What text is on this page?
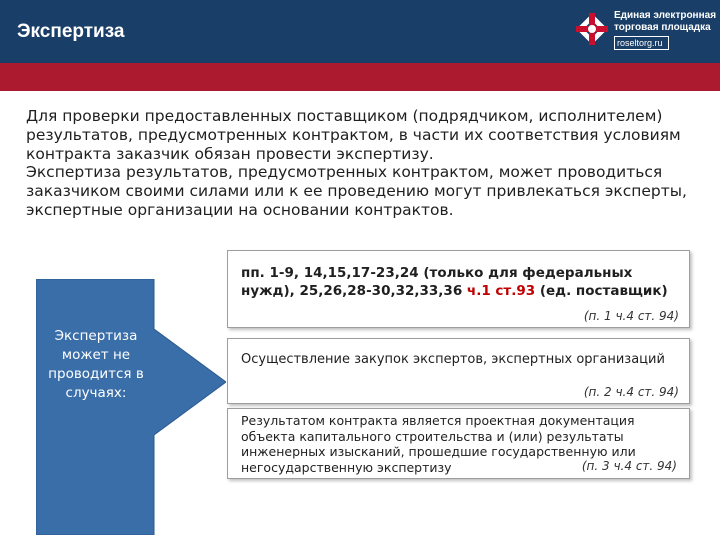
Экспертиза
Единая электронная
торговая площадка
roseltorg.ru

Для проверки предоставленных поставщиком (подрядчиком, исполнителем) результатов, предусмотренных контрактом, в части их соответствия условиям контракта заказчик обязан провести экспертизу.

Экспертиза результатов, предусмотренных контрактом, может проводиться заказчиком своими силами или к ее проведению могут привлекаться эксперты, экспертные организации на основании контрактов.

Экспертиза может не проводится в случаях:
пп. 1-9, 14,15,17-23,24 (только для федеральных нужд), 25,26,28-30,32,33,36 ч.1 ст.93 (ед. поставщик)
(п. 1 ч.4 ст. 94)
Осуществление закупок экспертов, экспертных организаций
(п. 2 ч.4 ст. 94)
Результатом контракта является проектная документация объекта капитального строительства и (или) результаты инженерных изысканий, прошедшие государственную или негосударственную экспертизу	(п. 3 ч.4 ст. 94)
